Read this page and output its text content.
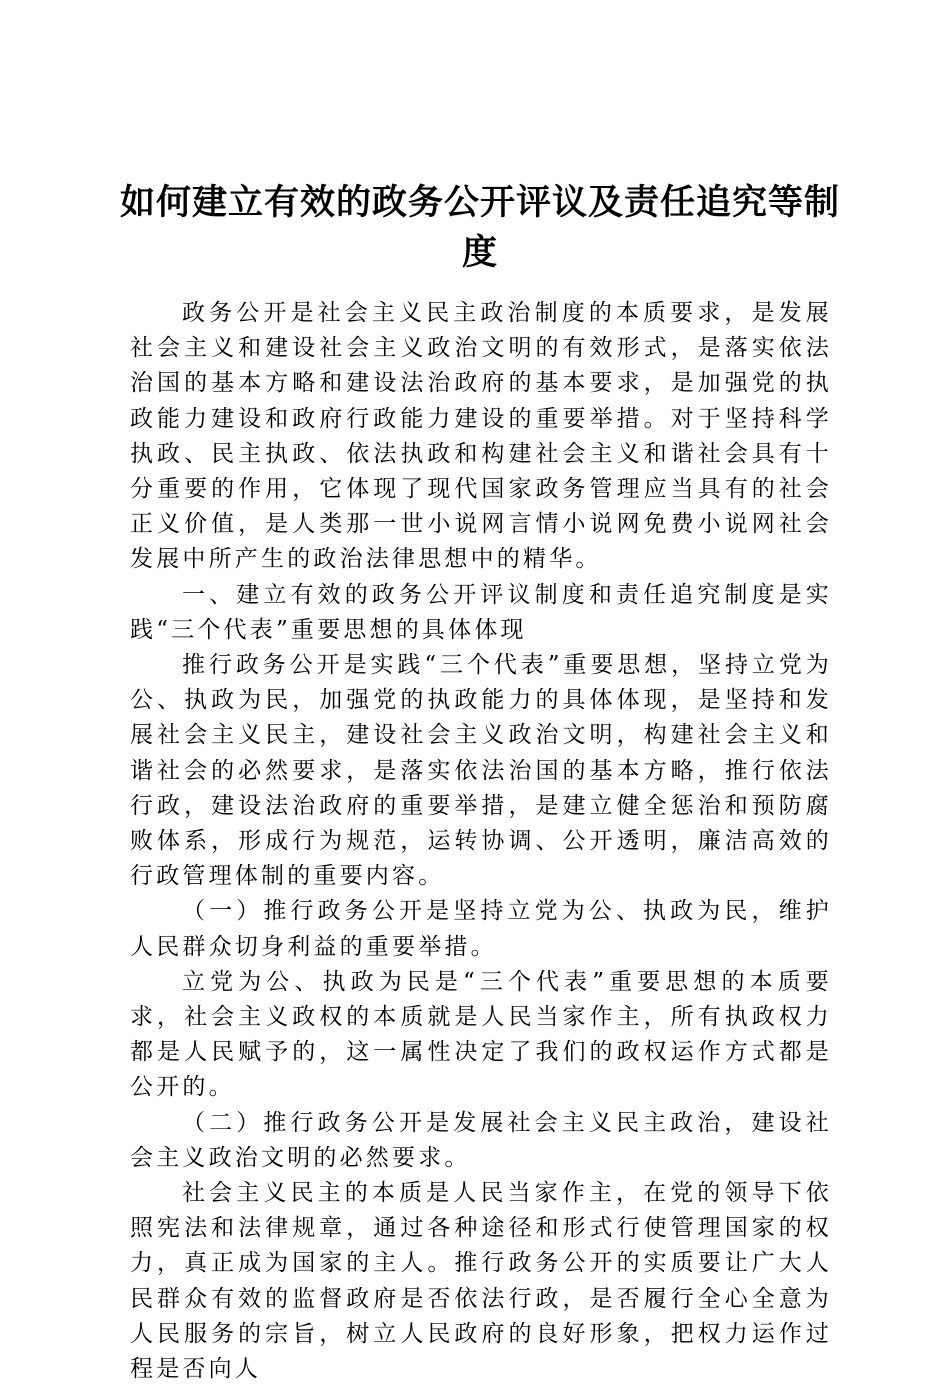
如何建立有效的政务公开评议及责任追究等制度

政务公开是社会主义民主政治制度的本质要求，是发展社会主义和建设社会主义政治文明的有效形式，是落实依法治国的基本方略和建设法治政府的基本要求，是加强党的执政能力建设和政府行政能力建设的重要举措。对于坚持科学执政、民主执政、依法执政和构建社会主义和谐社会具有十分重要的作用，它体现了现代国家政务管理应当具有的社会正义价值，是人类那一世小说网言情小说网免费小说网社会发展中所产生的政治法律思想中的精华。

一、建立有效的政务公开评议制度和责任追究制度是实践“三个代表”重要思想的具体体现

推行政务公开是实践“三个代表”重要思想，坚持立党为公、执政为民，加强党的执政能力的具体体现，是坚持和发展社会主义民主，建设社会主义政治文明，构建社会主义和谐社会的必然要求，是落实依法治国的基本方略，推行依法行政，建设法治政府的重要举措，是建立健全惩治和预防腐败体系，形成行为规范，运转协调、公开透明，廉洁高效的行政管理体制的重要内容。

（一）推行政务公开是坚持立党为公、执政为民，维护人民群众切身利益的重要举措。

立党为公、执政为民是“三个代表”重要思想的本质要求，社会主义政权的本质就是人民当家作主，所有执政权力都是人民赋予的，这一属性决定了我们的政权运作方式都是公开的。

（二）推行政务公开是发展社会主义民主政治，建设社会主义政治文明的必然要求。

社会主义民主的本质是人民当家作主，在党的领导下依照宪法和法律规章，通过各种途径和形式行使管理国家的权力，真正成为国家的主人。推行政务公开的实质要让广大人民群众有效的监督政府是否依法行政，是否履行全心全意为人民服务的宗旨，树立人民政府的良好形象，把权力运作过程是否向人
